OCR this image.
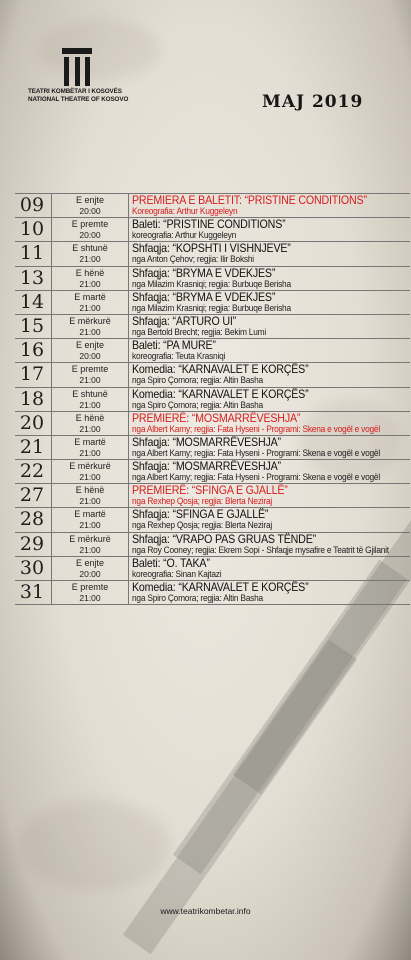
TEATRI KOMBËTAR I KOSOVËS
NATIONAL THEATRE OF KOSOVO	MAJ 2019
09	E enjte
20:00
PREMIERA E BALETIT: “PRISTINE CONDITIONS”
Koreografia: Arthur Kuggeleyn
10	E premte
20:00
Baleti: “PRISTINE CONDITIONS”
koreografia: Arthur Kuggeleyn
11	E shtunë
21:00
Shfaqja: “KOPSHTI I VISHNJEVE”
nga Anton Çehov; regjia: Ilir Bokshi
13	E hënë
21:00
Shfaqja: “BRYMA E VDEKJES”
nga Milazim Krasniqi; regjia: Burbuqe Berisha
14	E martë
21:00
Shfaqja: “BRYMA E VDEKJES”
nga Milazim Krasniqi; regjia: Burbuqe Berisha
15	E mërkurë
21:00
Shfaqja: “ARTURO UI”
nga Bertold Brecht; regjia: Bekim Lumi
16	E enjte
20:00
Baleti: “PA MURE”
koreografia: Teuta Krasniqi
17	E premte
21:00
Komedia: “KARNAVALET E KORÇËS”
nga Spiro Çomora; regjia: Altin Basha
18	E shtunë
21:00
Komedia: “KARNAVALET E KORÇËS”
nga Spiro Çomora; regjia: Altin Basha
20	E hënë
21:00
PREMIERË: “MOSMARRËVESHJA”
nga Albert Kamy; regjia: Fata Hyseni - Programi: Skena e vogël e vogël
21	E martë
21:00
Shfaqja: “MOSMARRËVESHJA”
nga Albert Kamy; regjia: Fata Hyseni - Programi: Skena e vogël e vogël
22	E mërkurë
21:00
Shfaqja: “MOSMARRËVESHJA”
nga Albert Kamy; regjia: Fata Hyseni - Programi: Skena e vogël e vogël
27	E hënë
21:00
PREMIERË: “SFINGA E GJALLË”
nga Rexhep Qosja; regjia: Blerta Neziraj
28	E martë
21:00
Shfaqja: “SFINGA E GJALLË”
nga Rexhep Qosja; regjia: Blerta Neziraj
29	E mërkurë
21:00
Shfaqja: “VRAPO PAS GRUAS TËNDE”
nga Roy Cooney; regjia: Ekrem Sopi - Shfaqje mysafire e Teatrit të Gjilanit
30	E enjte
20:00
Baleti: “O. TAKA”
koreografia: Sinan Kajtazi
31	E premte
21:00
Komedia: “KARNAVALET E KORÇËS”
nga Spiro Çomora; regjia: Altin Basha
www.teatrikombetar.info
